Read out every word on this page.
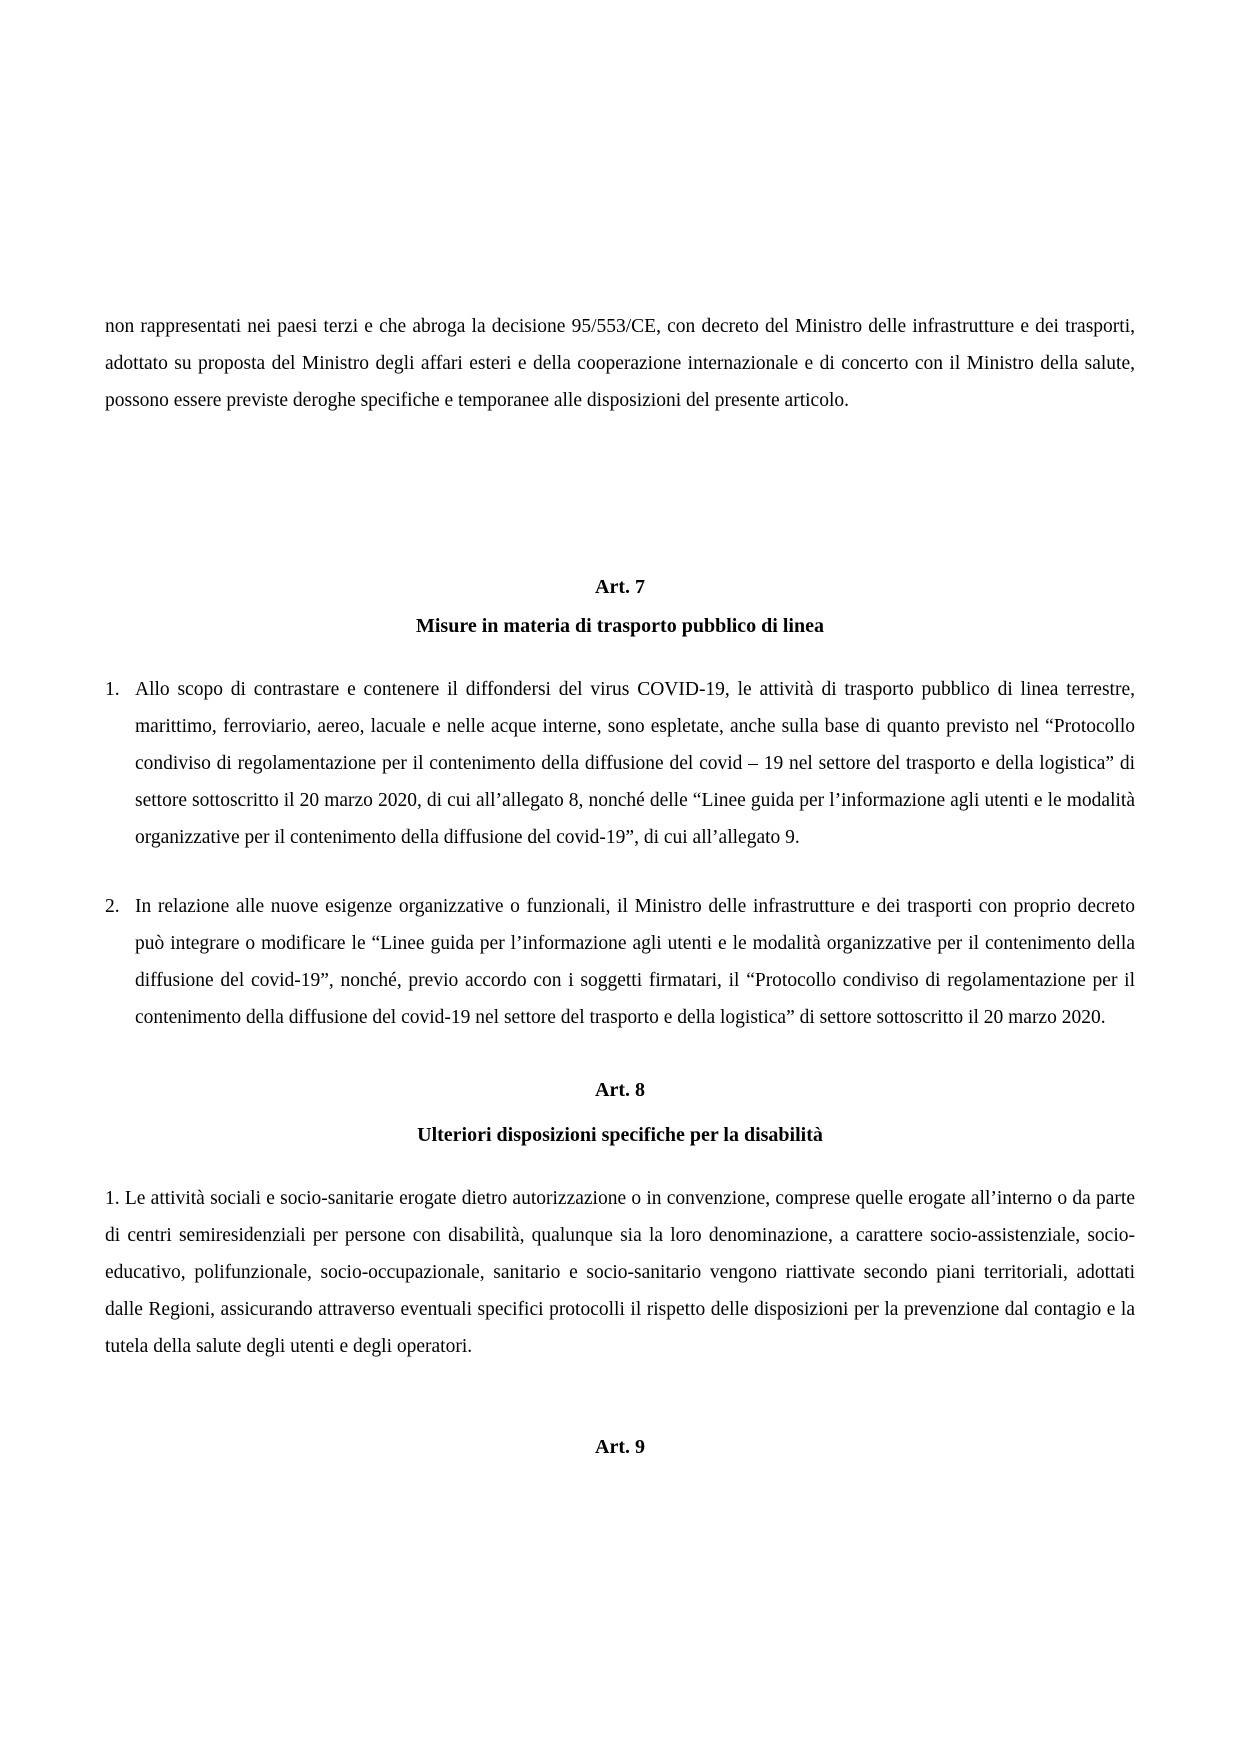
non rappresentati nei paesi terzi e che abroga la decisione 95/553/CE, con decreto del Ministro delle infrastrutture e dei trasporti, adottato su proposta del Ministro degli affari esteri e della cooperazione internazionale e di concerto con il Ministro della salute, possono essere previste deroghe specifiche e temporanee alle disposizioni del presente articolo.

Art. 7

Misure in materia di trasporto pubblico di linea

1. Allo scopo di contrastare e contenere il diffondersi del virus COVID-19, le attività di trasporto pubblico di linea terrestre, marittimo, ferroviario, aereo, lacuale e nelle acque interne, sono espletate, anche sulla base di quanto previsto nel “Protocollo condiviso di regolamentazione per il contenimento della diffusione del covid – 19 nel settore del trasporto e della logistica” di settore sottoscritto il 20 marzo 2020, di cui all’allegato 8, nonché delle “Linee guida per l’informazione agli utenti e le modalità organizzative per il contenimento della diffusione del covid-19”, di cui all’allegato 9.
2. In relazione alle nuove esigenze organizzative o funzionali, il Ministro delle infrastrutture e dei trasporti con proprio decreto può integrare o modificare le “Linee guida per l’informazione agli utenti e le modalità organizzative per il contenimento della diffusione del covid-19”, nonché, previo accordo con i soggetti firmatari, il “Protocollo condiviso di regolamentazione per il contenimento della diffusione del covid-19 nel settore del trasporto e della logistica” di settore sottoscritto il 20 marzo 2020.

Art. 8

Ulteriori disposizioni specifiche per la disabilità

1. Le attività sociali e socio-sanitarie erogate dietro autorizzazione o in convenzione, comprese quelle erogate all’interno o da parte di centri semiresidenziali per persone con disabilità, qualunque sia la loro denominazione, a carattere socio-assistenziale, socio-educativo, polifunzionale, socio-occupazionale, sanitario e socio-sanitario vengono riattivate secondo piani territoriali, adottati dalle Regioni, assicurando attraverso eventuali specifici protocolli il rispetto delle disposizioni per la prevenzione dal contagio e la tutela della salute degli utenti e degli operatori.

Art. 9
